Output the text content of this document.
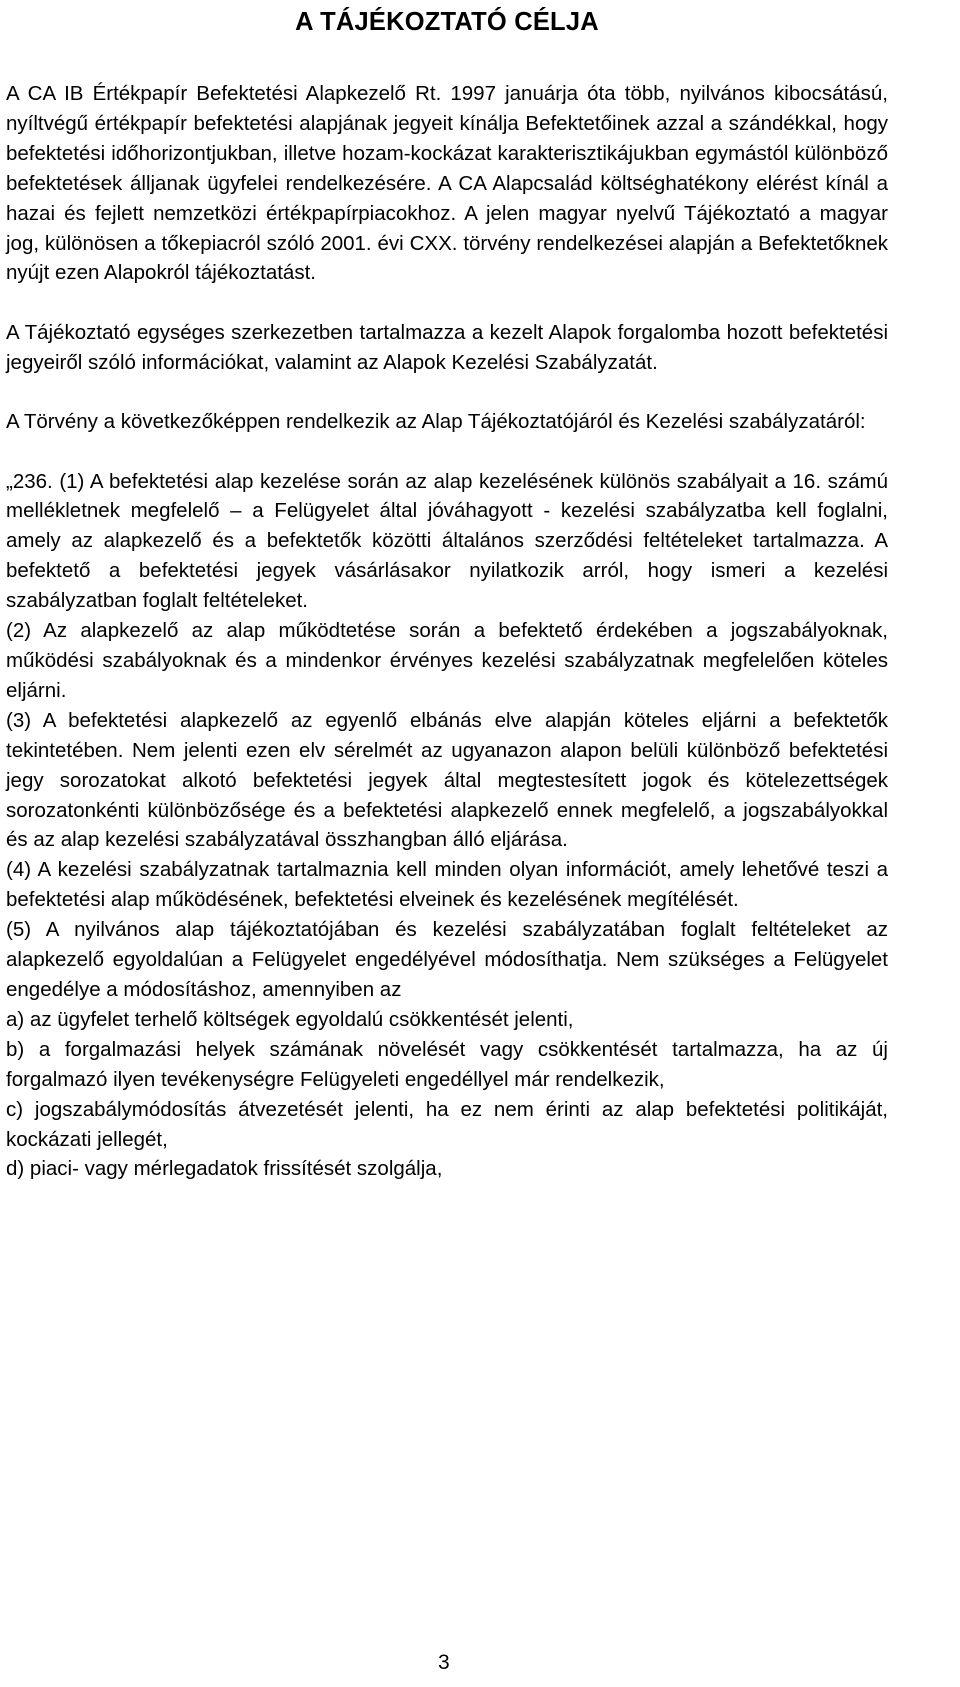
A TÁJÉKOZTATÓ CÉLJA

A CA IB Értékpapír Befektetési Alapkezelő Rt. 1997 januárja óta több, nyilvános kibocsátású, nyíltvégű értékpapír befektetési alapjának jegyeit kínálja Befektetőinek azzal a szándékkal, hogy befektetési időhorizontjukban, illetve hozam-kockázat karakterisztikájukban egymástól különböző befektetések álljanak ügyfelei rendelkezésére. A CA Alapcsalád költséghatékony elérést kínál a hazai és fejlett nemzetközi értékpapírpiacokhoz. A jelen magyar nyelvű Tájékoztató a magyar jog, különösen a tőkepiacról szóló 2001. évi CXX. törvény rendelkezései alapján a Befektetőknek nyújt ezen Alapokról tájékoztatást.

A Tájékoztató egységes szerkezetben tartalmazza a kezelt Alapok forgalomba hozott befektetési jegyeiről szóló információkat, valamint az Alapok Kezelési Szabályzatát.

A Törvény a következőképpen rendelkezik az Alap Tájékoztatójáról és Kezelési szabályzatáról:

„236. (1) A befektetési alap kezelése során az alap kezelésének különös szabályait a 16. számú mellékletnek megfelelő – a Felügyelet által jóváhagyott - kezelési szabályzatba kell foglalni, amely az alapkezelő és a befektetők közötti általános szerződési feltételeket tartalmazza. A befektető a befektetési jegyek vásárlásakor nyilatkozik arról, hogy ismeri a kezelési szabályzatban foglalt feltételeket.

(2) Az alapkezelő az alap működtetése során a befektető érdekében a jogszabályoknak, működési szabályoknak és a mindenkor érvényes kezelési szabályzatnak megfelelően köteles eljárni.

(3) A befektetési alapkezelő az egyenlő elbánás elve alapján köteles eljárni a befektetők tekintetében. Nem jelenti ezen elv sérelmét az ugyanazon alapon belüli különböző befektetési jegy sorozatokat alkotó befektetési jegyek által megtestesített jogok és kötelezettségek sorozatonkénti különbözősége és a befektetési alapkezelő ennek megfelelő, a jogszabályokkal és az alap kezelési szabályzatával összhangban álló eljárása.

(4) A kezelési szabályzatnak tartalmaznia kell minden olyan információt, amely lehetővé teszi a befektetési alap működésének, befektetési elveinek és kezelésének megítélését.

(5) A nyilvános alap tájékoztatójában és kezelési szabályzatában foglalt feltételeket az alapkezelő egyoldalúan a Felügyelet engedélyével módosíthatja. Nem szükséges a Felügyelet engedélye a módosításhoz, amennyiben az

a) az ügyfelet terhelő költségek egyoldalú csökkentését jelenti,

b) a forgalmazási helyek számának növelését vagy csökkentését tartalmazza, ha az új forgalmazó ilyen tevékenységre Felügyeleti engedéllyel már rendelkezik,

c) jogszabálymódosítás átvezetését jelenti, ha ez nem érinti az alap befektetési politikáját, kockázati jellegét,

d) piaci- vagy mérlegadatok frissítését szolgálja,

3
